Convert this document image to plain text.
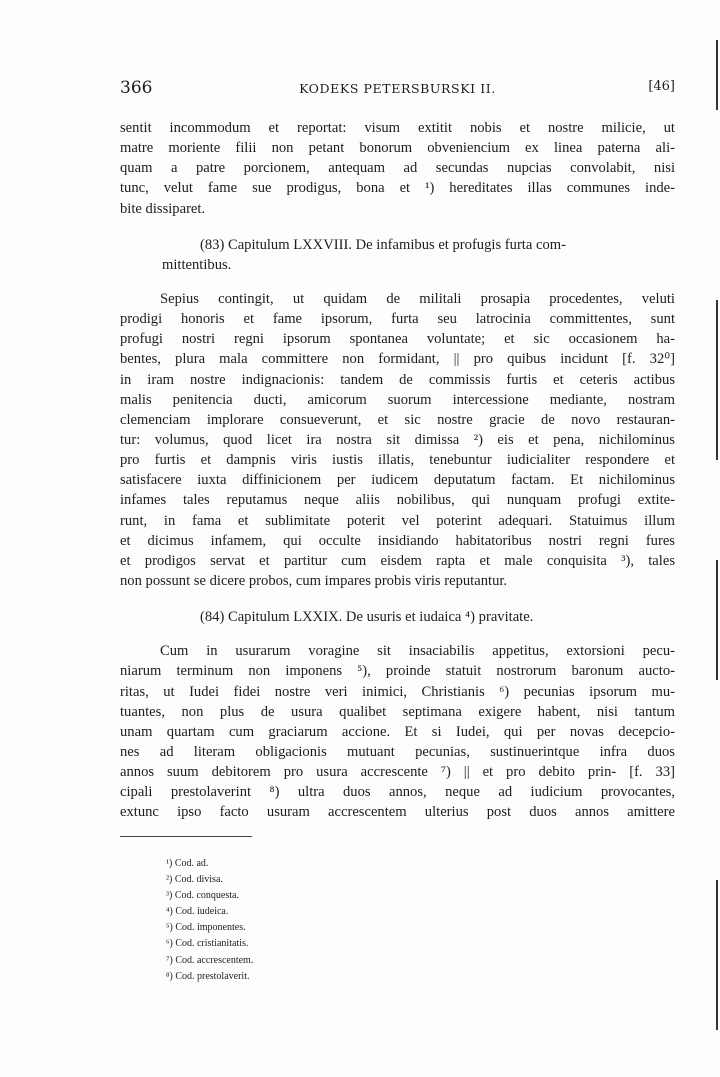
366	KODEKS PETERSBURSKI II.	[46]
sentit incommodum et reportat: visum extitit nobis et nostre milicie, ut
matre moriente filii non petant bonorum obveniencium ex linea paterna ali-
quam a patre porcionem, antequam ad secundas nupcias convolabit, nisi
tunc, velut fame sue prodigus, bona et ¹) hereditates illas communes inde-
bite dissiparet.
(83) Capitulum LXXVIII. De infamibus et profugis furta com-
mittentibus.
Sepius contingit, ut quidam de militali prosapia procedentes, veluti
prodigi honoris et fame ipsorum, furta seu latrocinia committentes, sunt
profugi nostri regni ipsorum spontanea voluntate; et sic occasionem ha-
bentes, plura mala committere non formidant, || pro quibus incidunt [f. 32⁰]
in iram nostre indignacionis: tandem de commissis furtis et ceteris actibus
malis penitencia ducti, amicorum suorum intercessione mediante, nostram
clemenciam implorare consueverunt, et sic nostre gracie de novo restauran-
tur: volumus, quod licet ira nostra sit dimissa ²) eis et pena, nichilominus
pro furtis et dampnis viris iustis illatis, tenebuntur iudicialiter respondere et
satisfacere iuxta diffinicionem per iudicem deputatum factam. Et nichilominus
infames tales reputamus neque aliis nobilibus, qui nunquam profugi extite-
runt, in fama et sublimitate poterit vel poterint adequari. Statuimus illum
et dicimus infamem, qui occulte insidiando habitatoribus nostri regni fures
et prodigos servat et partitur cum eisdem rapta et male conquisita ³), tales
non possunt se dicere probos, cum impares probis viris reputantur.
(84) Capitulum LXXIX. De usuris et iudaica ⁴) pravitate.
Cum in usurarum voragine sit insaciabilis appetitus, extorsioni pecu-
niarum terminum non imponens ⁵), proinde statuit nostrorum baronum aucto-
ritas, ut Iudei fidei nostre veri inimici, Christianis ⁶) pecunias ipsorum mu-
tuantes, non plus de usura qualibet septimana exigere habent, nisi tantum
unam quartam cum graciarum accione. Et si Iudei, qui per novas decepcio-
nes ad literam obligacionis mutuant pecunias, sustinuerintque infra duos
annos suum debitorem pro usura accrescente ⁷) || et pro debito prin- [f. 33]
cipali prestolaverint ⁸) ultra duos annos, neque ad iudicium provocantes,
extunc ipso facto usuram accrescentem ulterius post duos annos amittere
¹) Cod. ad.
²) Cod. divisa.
³) Cod. conquesta.
⁴) Cod. iudeica.
⁵) Cod. imponentes.
⁶) Cod. cristianitatis.
⁷) Cod. accrescentem.
⁸) Cod. prestolaverit.
